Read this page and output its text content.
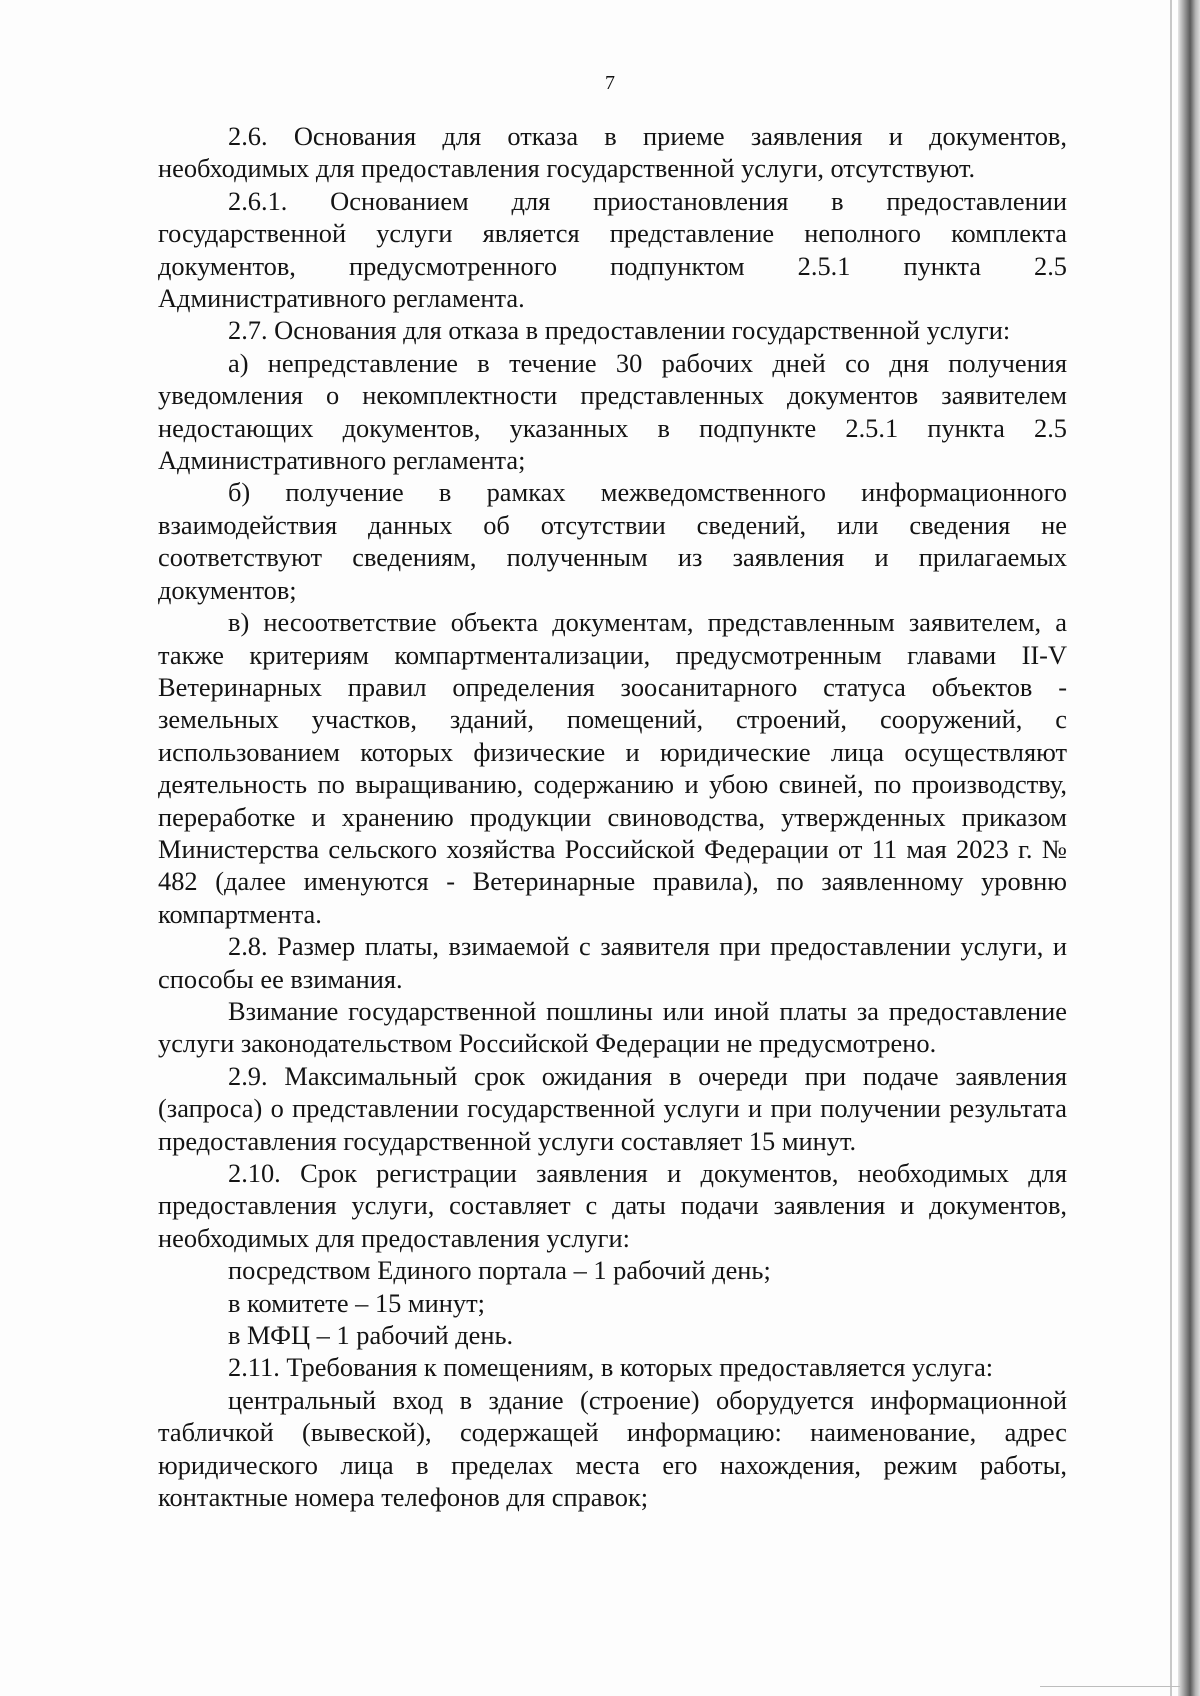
7

2.6. Основания для отказа в приеме заявления и документов, необходимых для предоставления государственной услуги, отсутствуют.

2.6.1. Основанием для приостановления в предоставлении государственной услуги является представление неполного комплекта документов, предусмотренного подпунктом 2.5.1 пункта 2.5 Административного регламента.

2.7. Основания для отказа в предоставлении государственной услуги:

а) непредставление в течение 30 рабочих дней со дня получения уведомления о некомплектности представленных документов заявителем недостающих документов, указанных в подпункте 2.5.1 пункта 2.5 Административного регламента;

б) получение в рамках межведомственного информационного взаимодействия данных об отсутствии сведений, или сведения не соответствуют сведениям, полученным из заявления и прилагаемых документов;

в) несоответствие объекта документам, представленным заявителем, а также критериям компартментализации, предусмотренным главами II-V Ветеринарных правил определения зоосанитарного статуса объектов - земельных участков, зданий, помещений, строений, сооружений, с использованием которых физические и юридические лица осуществляют деятельность по выращиванию, содержанию и убою свиней, по производству, переработке и хранению продукции свиноводства, утвержденных приказом Министерства сельского хозяйства Российской Федерации от 11 мая 2023 г. № 482 (далее именуются - Ветеринарные правила), по заявленному уровню компартмента.

2.8. Размер платы, взимаемой с заявителя при предоставлении услуги, и способы ее взимания.

Взимание государственной пошлины или иной платы за предоставление услуги законодательством Российской Федерации не предусмотрено.

2.9. Максимальный срок ожидания в очереди при подаче заявления (запроса) о представлении государственной услуги и при получении результата предоставления государственной услуги составляет 15 минут.

2.10. Срок регистрации заявления и документов, необходимых для предоставления услуги, составляет с даты подачи заявления и документов, необходимых для предоставления услуги:

посредством Единого портала – 1 рабочий день;

в комитете – 15 минут;

в МФЦ – 1 рабочий день.

2.11. Требования к помещениям, в которых предоставляется услуга:

центральный вход в здание (строение) оборудуется информационной табличкой (вывеской), содержащей информацию: наименование, адрес юридического лица в пределах места его нахождения, режим работы, контактные номера телефонов для справок;
